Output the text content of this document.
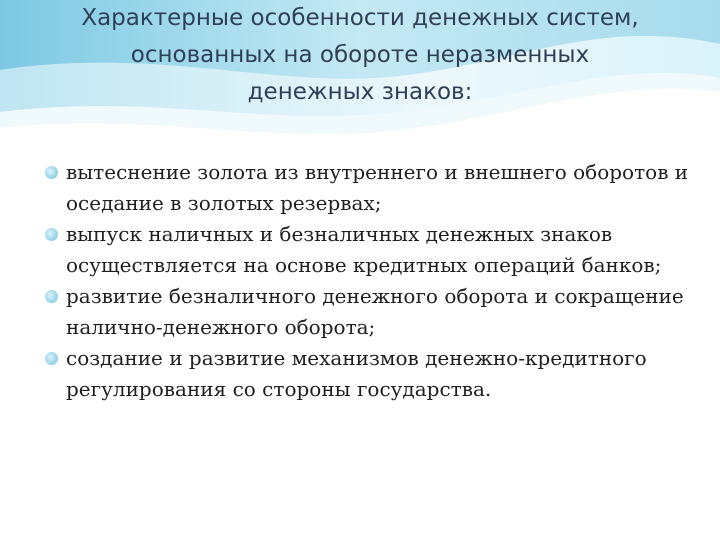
Характерные особенности денежных систем,
основанных на обороте неразменных
денежных знаков:
вытеснение золота из внутреннего и внешнего оборотов и оседание в золотых резервах;
выпуск наличных и безналичных денежных знаков осуществляется на основе кредитных операций банков;
развитие безналичного денежного оборота и сокращение налично-денежного оборота;
создание и развитие механизмов денежно-кредитного регулирования со стороны государства.
